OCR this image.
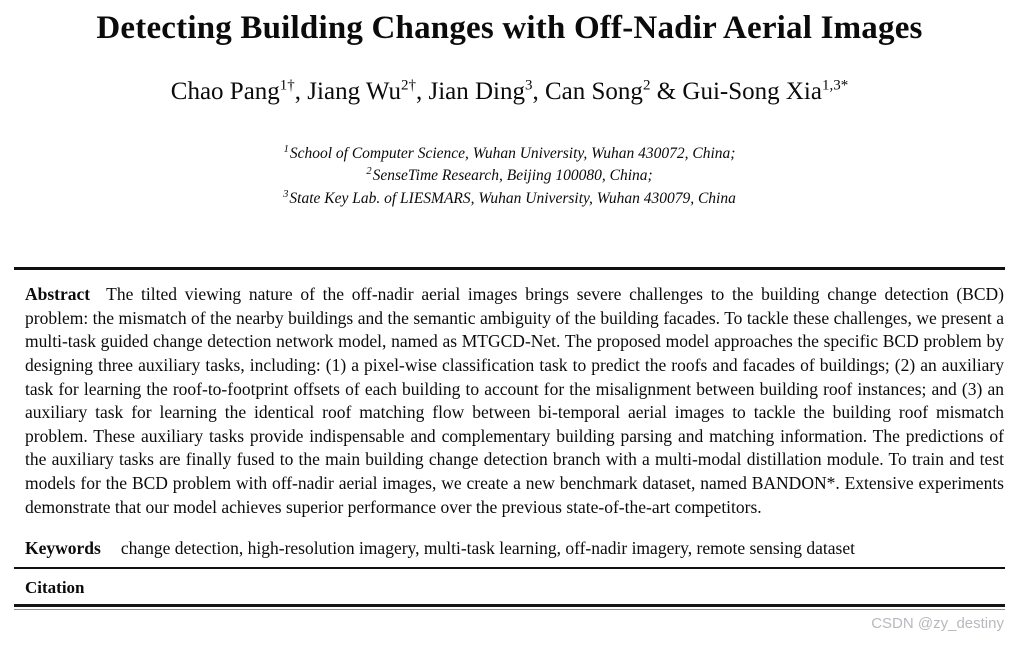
Detecting Building Changes with Off-Nadir Aerial Images
Chao Pang$^{1\dagger}$, Jiang $Wu^{2\dagger}$, Jian Ding$^3$, Can Song$^2$ & Gui-Song Xia$^{1,3*}$
$^1$School of Computer Science, Wuhan University, Wuhan 430072, China;
$^2$SenseTime Research, Beijing 100080, China;
$^3$State Key Lab. of LIESMARS, Wuhan University, Wuhan 430079, China

Abstract The tilted viewing nature of the off-nadir aerial images brings severe challenges to the building change detection (BCD) problem: the mismatch of the nearby buildings and the semantic ambiguity of the building facades. To tackle these challenges, we present a multi-task guided change detection network model, named as MTGCD-Net. The proposed model approaches the specific BCD problem by designing three auxiliary tasks, including: (1) a pixel-wise classification task to predict the roofs and facades of buildings; (2) an auxiliary task for learning the roof-to-footprint offsets of each building to account for the misalignment between building roof instances; and (3) an auxiliary task for learning the identical roof matching flow between bi-temporal aerial images to tackle the building roof mismatch problem. These auxiliary tasks provide indispensable and complementary building parsing and matching information. The predictions of the auxiliary tasks are finally fused to the main building change detection branch with a multi-modal distillation module. To train and test models for the BCD problem with off-nadir aerial images, we create a new benchmark dataset, named BANDON*. Extensive experiments demonstrate that our model achieves superior performance over the previous state-of-the-art competitors.

Keywords change detection, high-resolution imagery, multi-task learning, off-nadir imagery, remote sensing dataset

Citation

CSDN @zy_destiny
